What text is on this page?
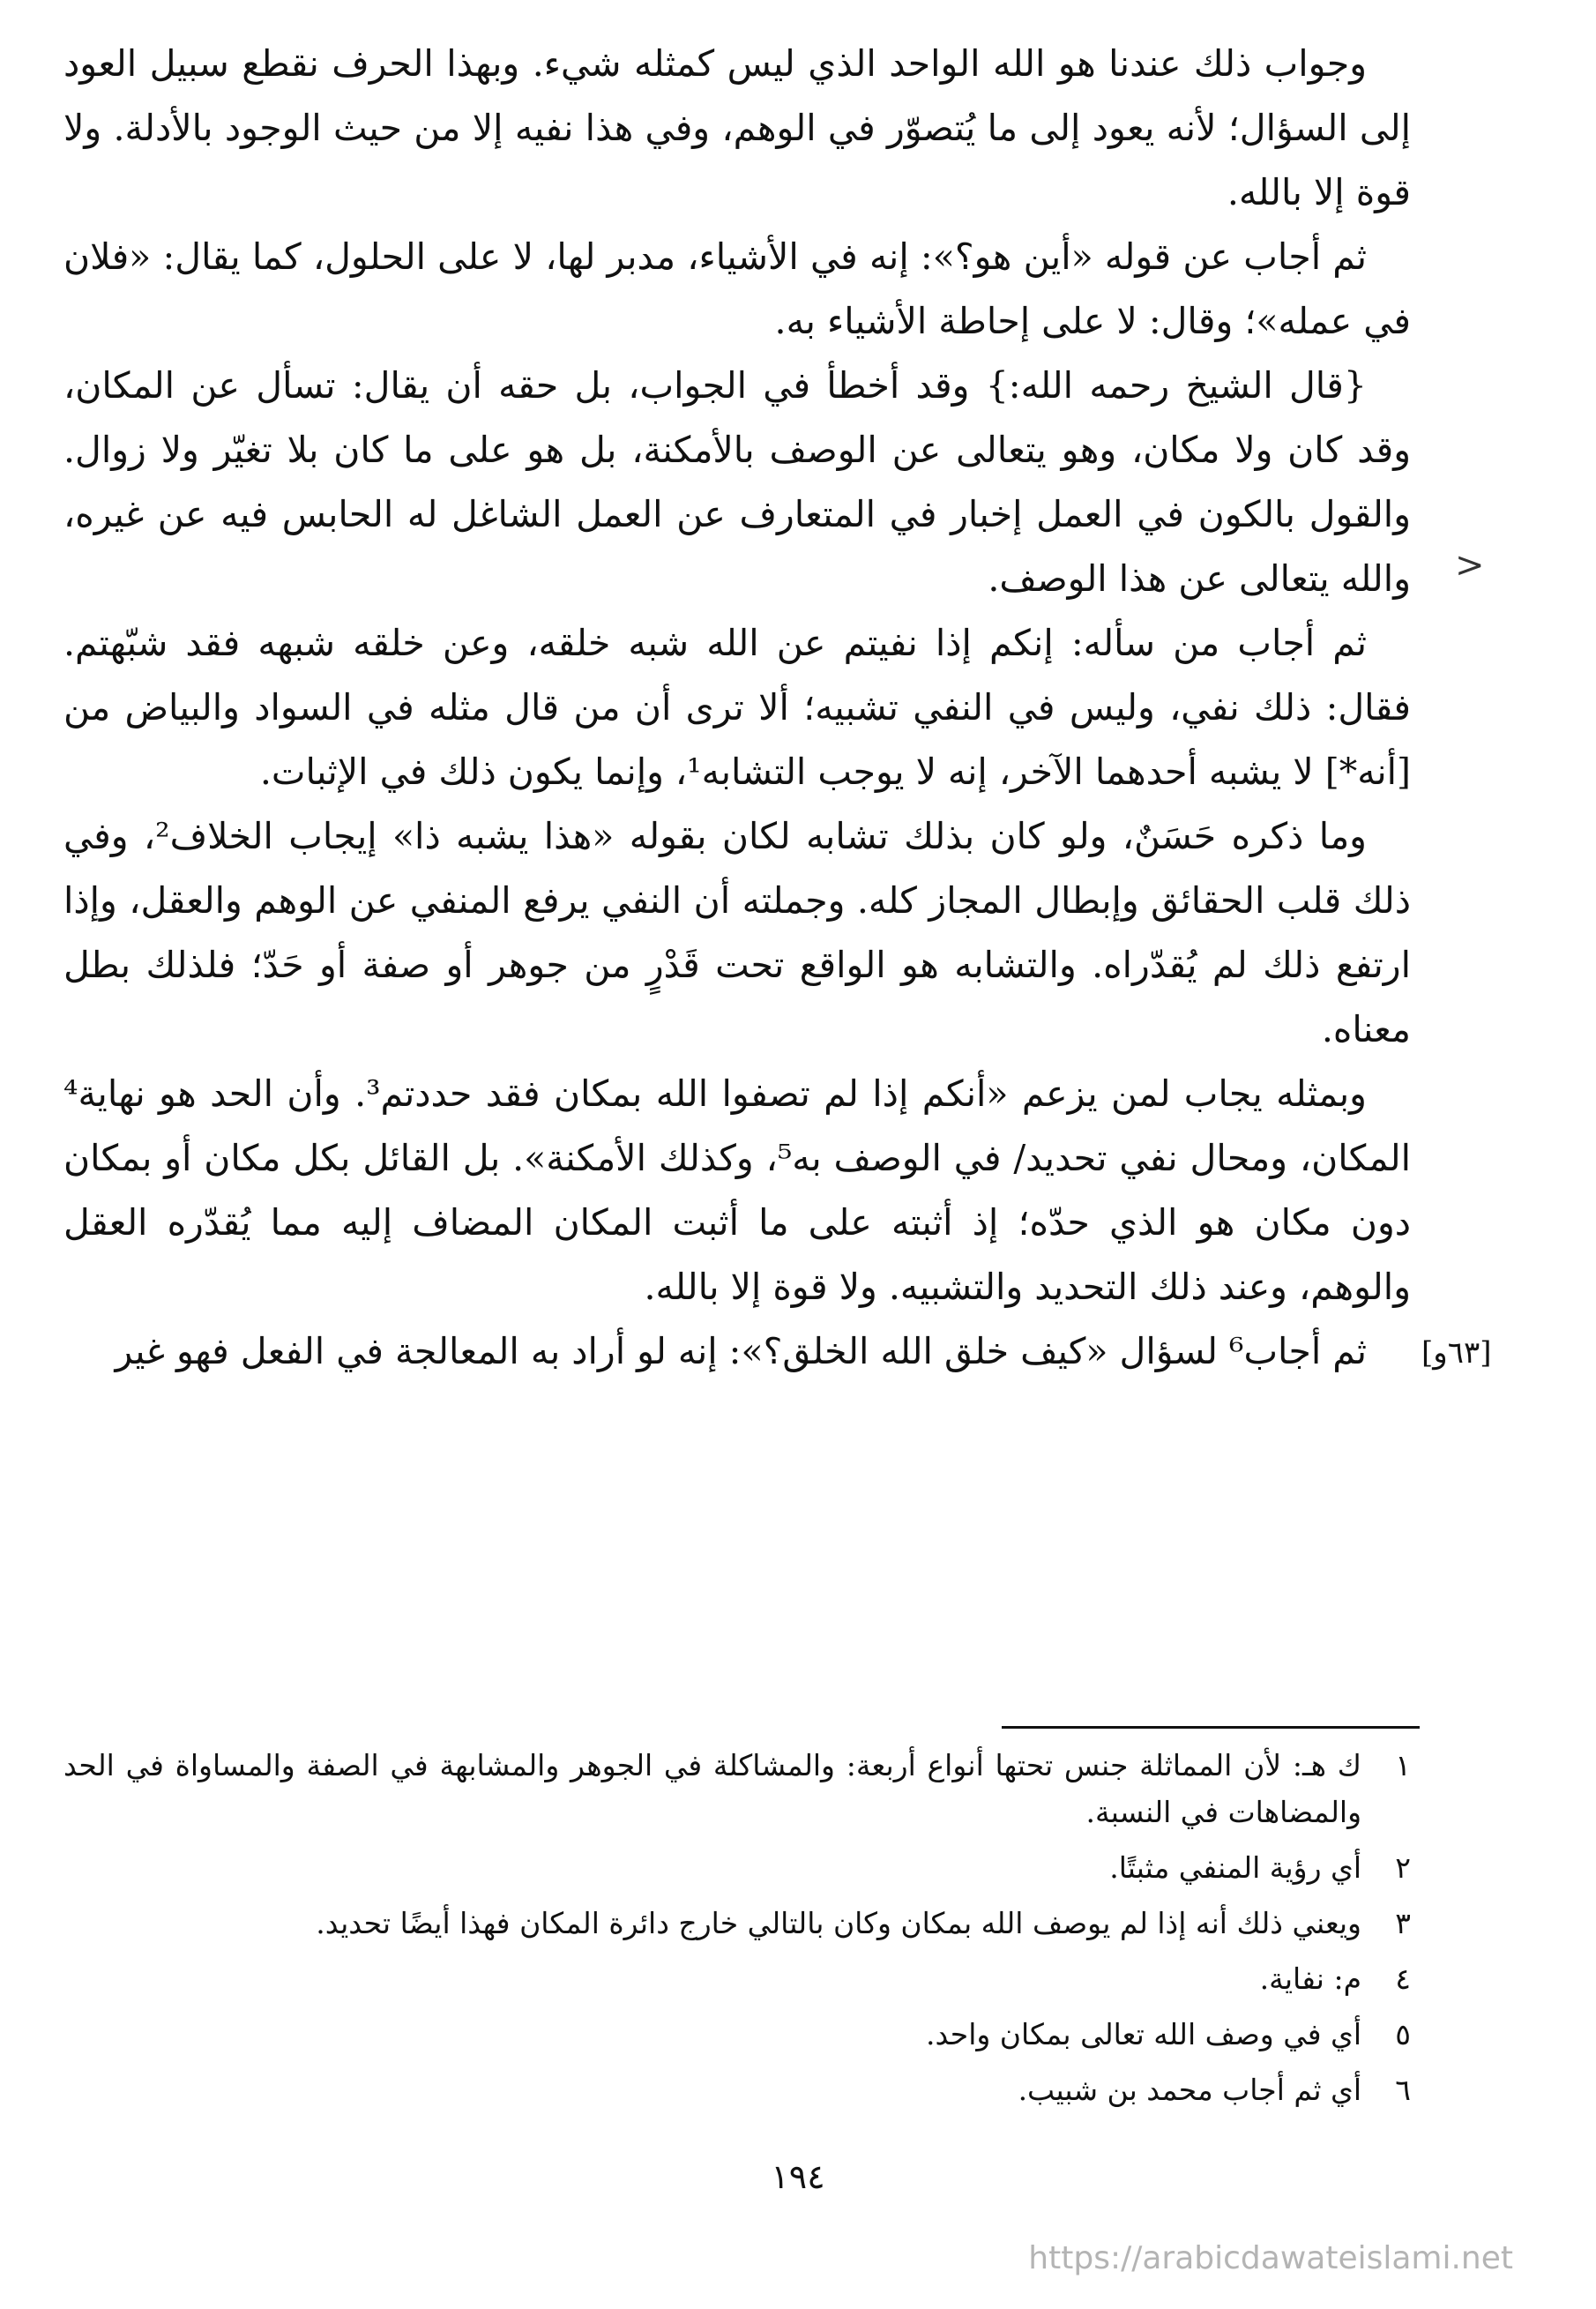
وجواب ذلك عندنا هو الله الواحد الذي ليس كمثله شيء. وبهذا الحرف نقطع سبيل العود إلى السؤال؛ لأنه يعود إلى ما يُتصوّر في الوهم، وفي هذا نفيه إلا من حيث الوجود بالأدلة. ولا قوة إلا بالله.

ثم أجاب عن قوله «أين هو؟»: إنه في الأشياء، مدبر لها، لا على الحلول، كما يقال: «فلان في عمله»؛ وقال: لا على إحاطة الأشياء به.

{قال الشيخ رحمه الله:} وقد أخطأ في الجواب، بل حقه أن يقال: تسأل عن المكان، وقد كان ولا مكان، وهو يتعالى عن الوصف بالأمكنة، بل هو على ما كان بلا تغيّر ولا زوال. والقول بالكون في العمل إخبار في المتعارف عن العمل الشاغل له الحابس فيه عن غيره، والله يتعالى عن هذا الوصف.

ثم أجاب من سأله: إنكم إذا نفيتم عن الله شبه خلقه، وعن خلقه شبهه فقد شبّهتم. فقال: ذلك نفي، وليس في النفي تشبيه؛ ألا ترى أن من قال مثله في السواد والبياض من [أنه*] لا يشبه أحدهما الآخر، إنه لا يوجب التشابه¹، وإنما يكون ذلك في الإثبات.

وما ذكره حَسَنٌ، ولو كان بذلك تشابه لكان بقوله «هذا يشبه ذا» إيجاب الخلاف²، وفي ذلك قلب الحقائق وإبطال المجاز كله. وجملته أن النفي يرفع المنفي عن الوهم والعقل، وإذا ارتفع ذلك لم يُقدّراه. والتشابه هو الواقع تحت قَدْرٍ من جوهر أو صفة أو حَدّ؛ فلذلك بطل معناه.

وبمثله يجاب لمن يزعم «أنكم إذا لم تصفوا الله بمكان فقد حددتم³. وأن الحد هو نهاية⁴ المكان، ومحال نفي تحديد/ في الوصف به⁵، وكذلك الأمكنة». بل القائل بكل مكان أو بمكان دون مكان هو الذي حدّه؛ إذ أثبته على ما أثبت المكان المضاف إليه مما يُقدّره العقل والوهم، وعند ذلك التحديد والتشبيه. ولا قوة إلا بالله.

ثم أجاب⁶ لسؤال «كيف خلق الله الخلق؟»: إنه لو أراد به المعالجة في الفعل فهو غير

<
[٦٣و]
١
ك هـ: لأن المماثلة جنس تحتها أنواع أربعة: والمشاكلة في الجوهر والمشابهة في الصفة والمساواة في الحد والمضاهات في النسبة.
٢
أي رؤية المنفي مثبتًا.
٣
ويعني ذلك أنه إذا لم يوصف الله بمكان وكان بالتالي خارج دائرة المكان فهذا أيضًا تحديد.
٤
م: نفاية.
٥
أي في وصف الله تعالى بمكان واحد.
٦
أي ثم أجاب محمد بن شبيب.
١٩٤
https://arabicdawateislami.net
